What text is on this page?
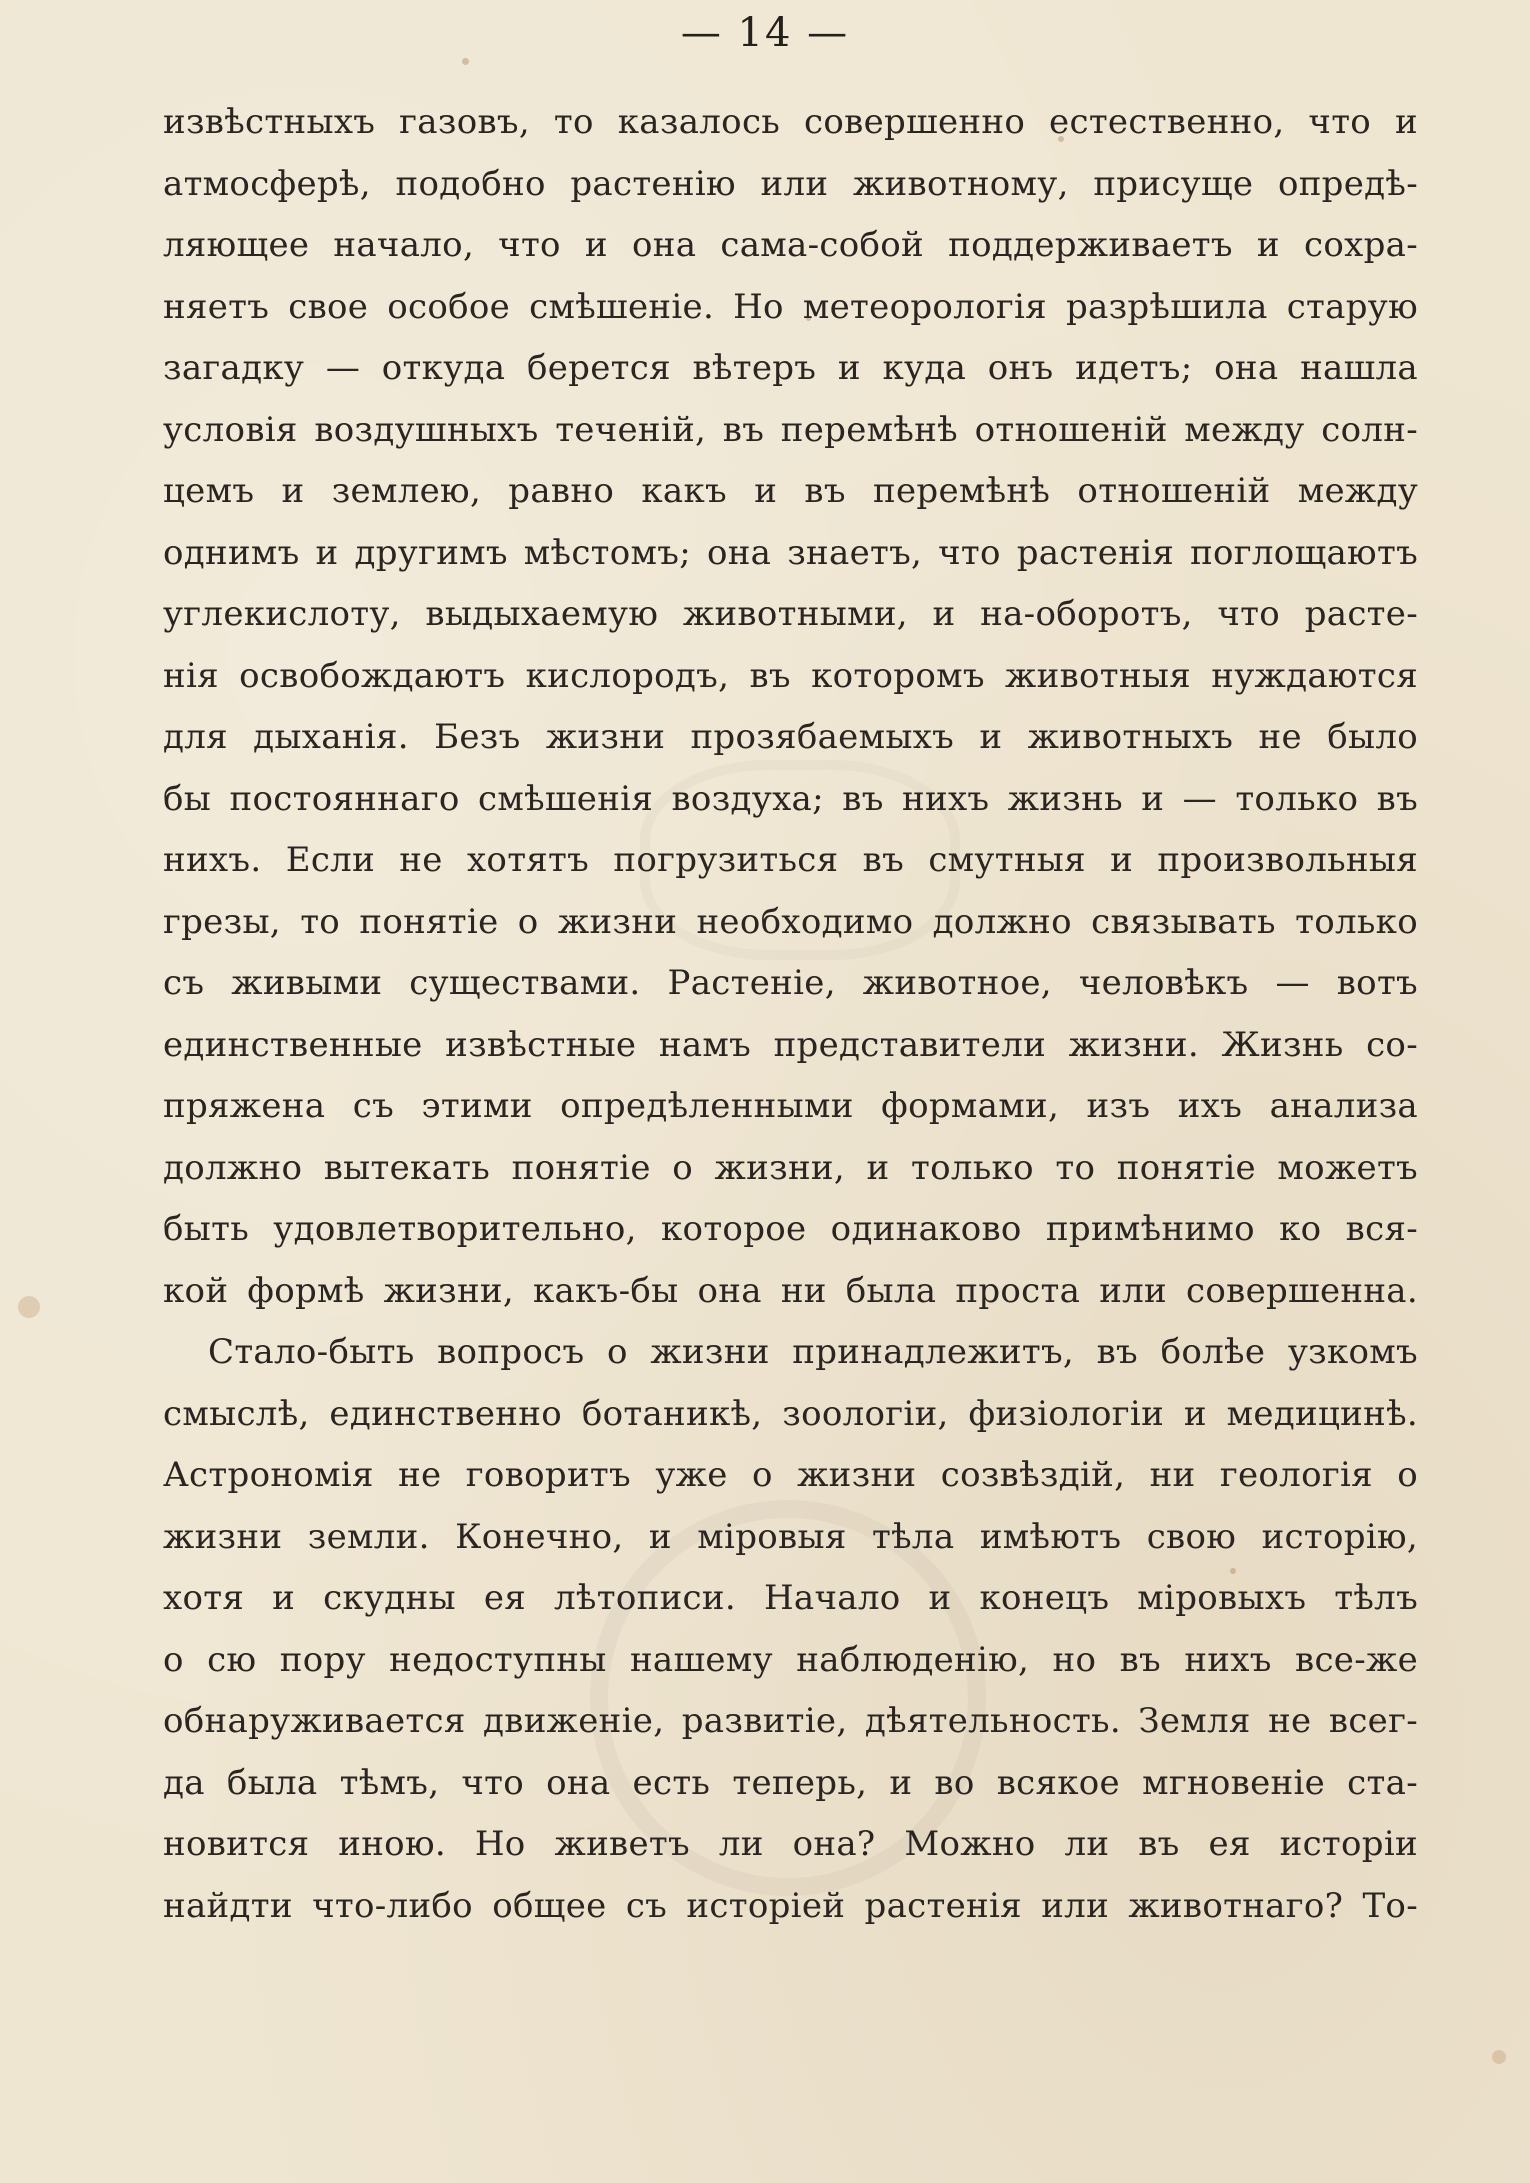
— 14 —
извѣстныхъ газовъ, то казалось совершенно естественно, что и
атмосферѣ, подобно растенію или животному, присуще опредѣ-
ляющее начало, что и она сама-собой поддерживаетъ и сохра-
няетъ свое особое смѣшеніе. Но метеорологія разрѣшила старую
загадку — откуда берется вѣтеръ и куда онъ идетъ; она нашла
условія воздушныхъ теченій, въ перемѣнѣ отношеній между солн-
цемъ и землею, равно какъ и въ перемѣнѣ отношеній между
однимъ и другимъ мѣстомъ; она знаетъ, что растенія поглощаютъ
углекислоту, выдыхаемую животными, и на-оборотъ, что расте-
нія освобождаютъ кислородъ, въ которомъ животныя нуждаются
для дыханія. Безъ жизни прозябаемыхъ и животныхъ не было
бы постояннаго смѣшенія воздуха; въ нихъ жизнь и — только въ
нихъ. Если не хотятъ погрузиться въ смутныя и произвольныя
грезы, то понятіе о жизни необходимо должно связывать только
съ живыми существами. Растеніе, животное, человѣкъ — вотъ
единственные извѣстные намъ представители жизни. Жизнь со-
пряжена съ этими опредѣленными формами, изъ ихъ анализа
должно вытекать понятіе о жизни, и только то понятіе можетъ
быть удовлетворительно, которое одинаково примѣнимо ко вся-
кой формѣ жизни, какъ-бы она ни была проста или совершенна.
Стало-быть вопросъ о жизни принадлежитъ, въ болѣе узкомъ
смыслѣ, единственно ботаникѣ, зоологіи, физіологіи и медицинѣ.
Астрономія не говоритъ уже о жизни созвѣздій, ни геологія о
жизни земли. Конечно, и міровыя тѣла имѣютъ свою исторію,
хотя и скудны ея лѣтописи. Начало и конецъ міровыхъ тѣлъ
о сю пору недоступны нашему наблюденію, но въ нихъ все-же
обнаруживается движеніе, развитіе, дѣятельность. Земля не всег-
да была тѣмъ, что она есть теперь, и во всякое мгновеніе ста-
новится иною. Но живетъ ли она? Можно ли въ ея исторіи
найдти что-либо общее съ исторіей растенія или животнаго? То-
